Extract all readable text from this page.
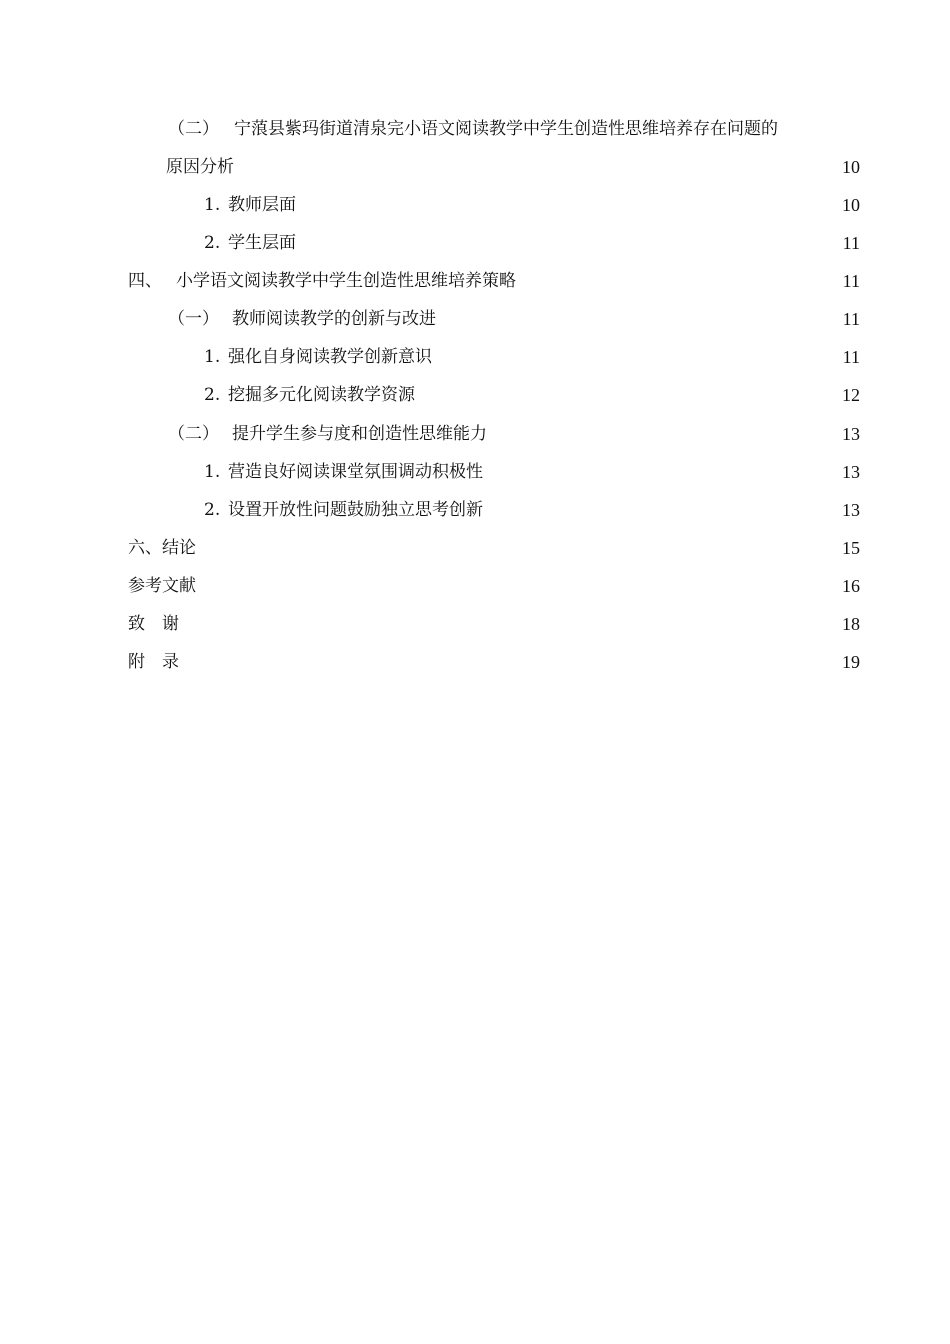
（二） 宁蒗县紫玛街道清泉完小语文阅读教学中学生创造性思维培养存在问题的
原因分析	10
1. 教师层面	10
2. 学生层面	11
四、 小学语文阅读教学中学生创造性思维培养策略	11
（一） 教师阅读教学的创新与改进	11
1. 强化自身阅读教学创新意识	11
2. 挖掘多元化阅读教学资源	12
（二） 提升学生参与度和创造性思维能力	13
1. 营造良好阅读课堂氛围调动积极性	13
2. 设置开放性问题鼓励独立思考创新	13
六、结论	15
参考文献	16
致　谢	18
附　录	19
